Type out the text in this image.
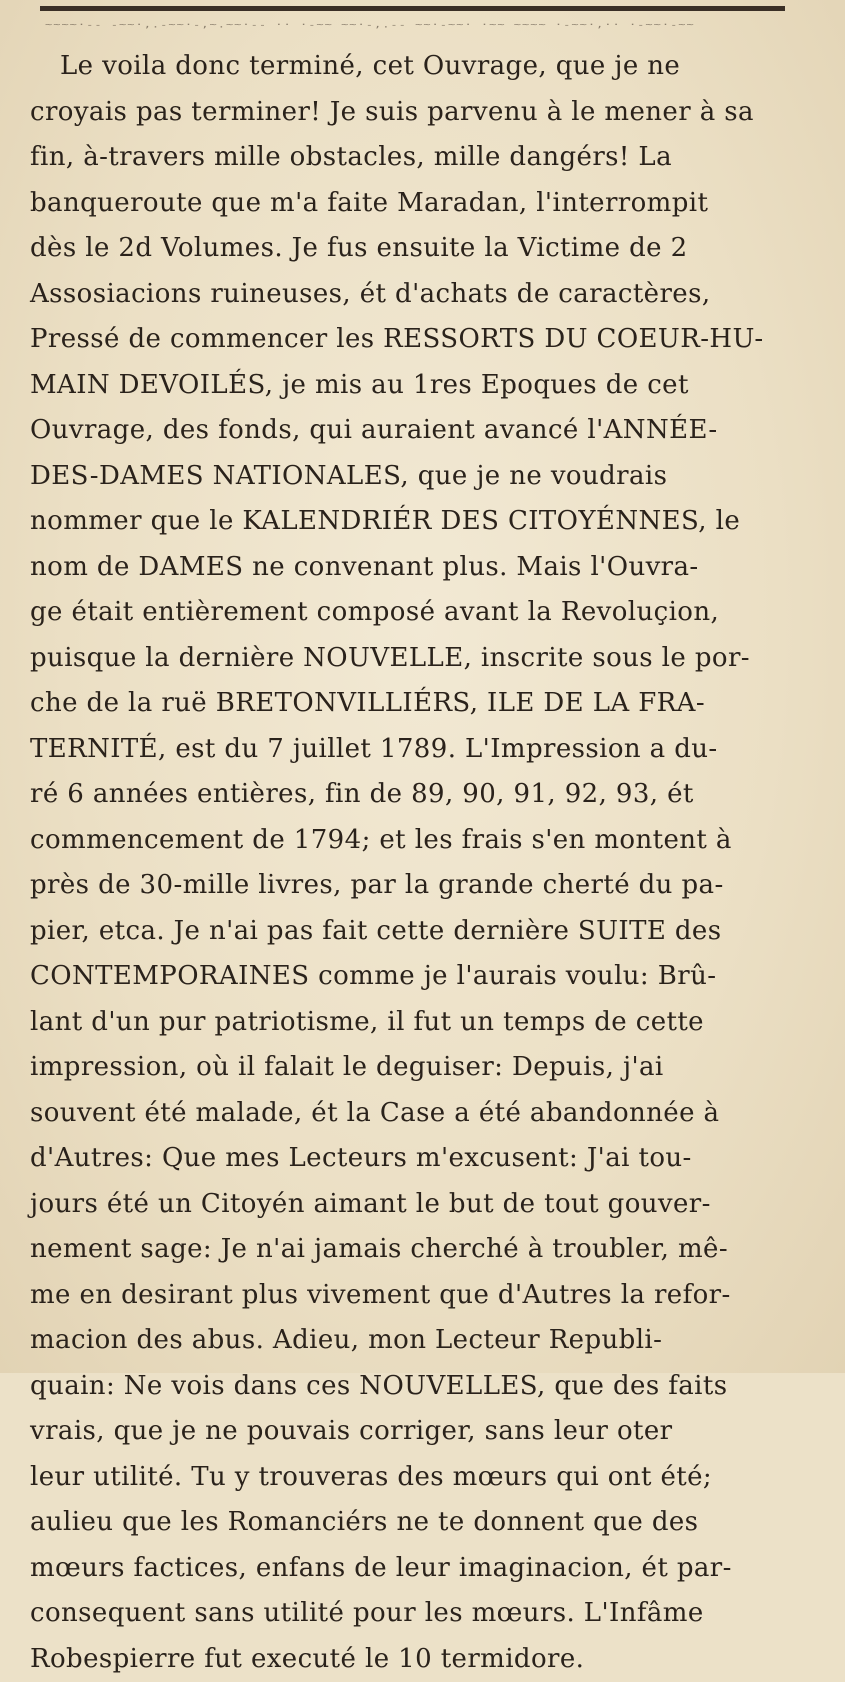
~~~~·-- -~~·,.-~~·-,~.~~·-- ·· ·-~~ ~~·-,.-- ~~·-~~· ·~~ ~~~~ ·-~~·,·· ·-~~·-~~
Le voila donc terminé, cet Ouvrage, que je ne
croyais pas terminer! Je suis parvenu à le mener à sa
fin, à-travers mille obstacles, mille dangérs! La
banqueroute que m'a faite Maradan, l'interrompit
dès le 2d Volumes. Je fus ensuite la Victime de 2
Assosiacions ruineuses, ét d'achats de caractères,
Pressé de commencer les RESSORTS DU COEUR-HU-
MAIN DEVOILÉS, je mis au 1res Epoques de cet
Ouvrage, des fonds, qui auraient avancé l'ANNÉE-
DES-DAMES NATIONALES, que je ne voudrais
nommer que le KALENDRIÉR DES CITOYÉNNES, le
nom de DAMES ne convenant plus. Mais l'Ouvra-
ge était entièrement composé avant la Revoluçion,
puisque la dernière NOUVELLE, inscrite sous le por-
che de la ruë BRETONVILLIÉRS, ILE DE LA FRA-
TERNITÉ, est du 7 juillet 1789. L'Impression a du-
ré 6 années entières, fin de 89, 90, 91, 92, 93, ét
commencement de 1794; et les frais s'en montent à
près de 30-mille livres, par la grande cherté du pa-
pier, etca. Je n'ai pas fait cette dernière SUITE des
CONTEMPORAINES comme je l'aurais voulu: Brû-
lant d'un pur patriotisme, il fut un temps de cette
impression, où il falait le deguiser: Depuis, j'ai
souvent été malade, ét la Case a été abandonnée à
d'Autres: Que mes Lecteurs m'excusent: J'ai tou-
jours été un Citoyén aimant le but de tout gouver-
nement sage: Je n'ai jamais cherché à troubler, mê-
me en desirant plus vivement que d'Autres la refor-
macion des abus. Adieu, mon Lecteur Republi-
quain: Ne vois dans ces NOUVELLES, que des faits
vrais, que je ne pouvais corriger, sans leur oter
leur utilité. Tu y trouveras des mœurs qui ont été;
aulieu que les Romanciérs ne te donnent que des
mœurs factices, enfans de leur imaginacion, ét par-
consequent sans utilité pour les mœurs. L'Infâme
Robespierre fut executé le 10 termidore.
